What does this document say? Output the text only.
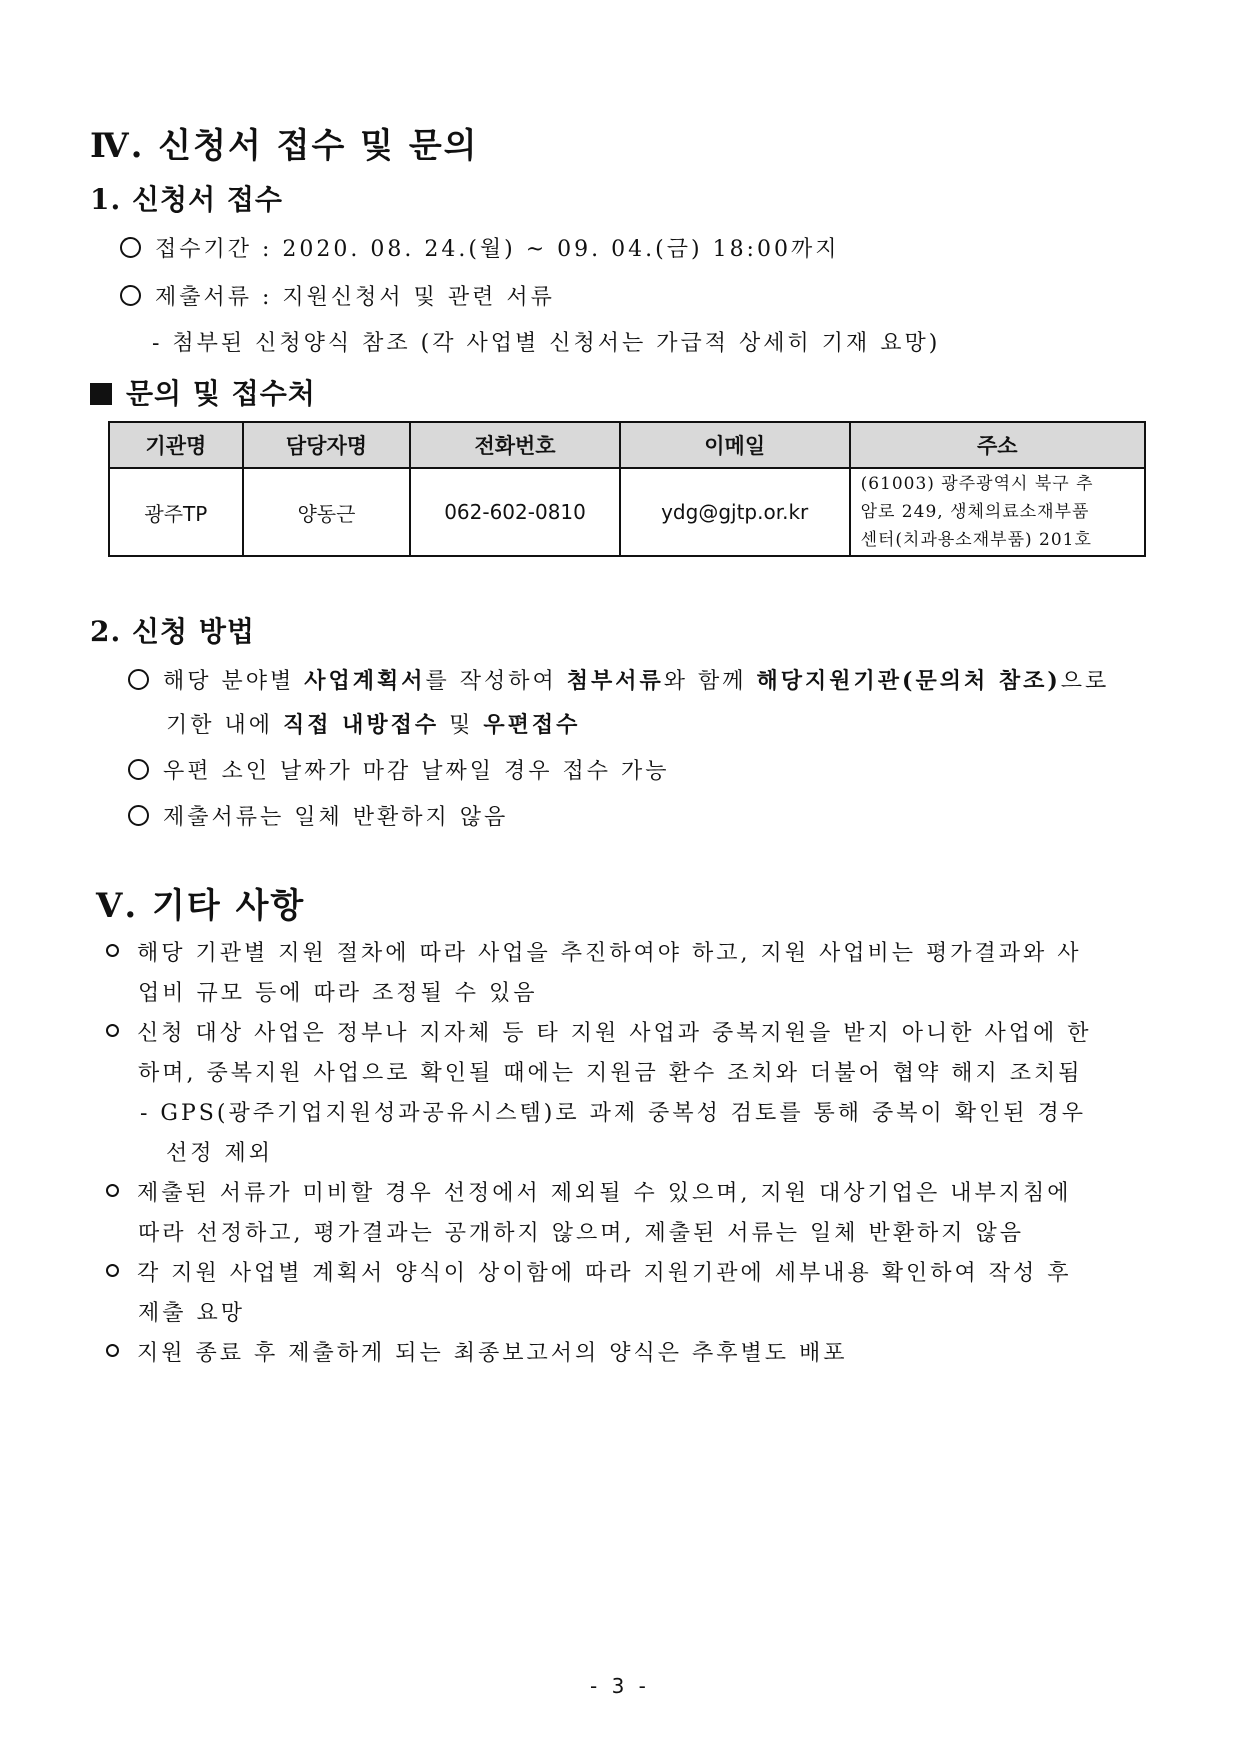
Ⅳ. 신청서 접수 및 문의
1. 신청서 접수
접수기간 : 2020. 08. 24.(월) ~ 09. 04.(금) 18:00까지
제출서류 : 지원신청서 및 관련 서류
- 첨부된 신청양식 참조 (각 사업별 신청서는 가급적 상세히 기재 요망)
문의 및 접수처
기관명	담당자명	전화번호	이메일	주소
광주TP	양동근	062-602-0810	ydg@gjtp.or.kr	(61003) 광주광역시 북구 추
암로 249, 생체의료소재부품
센터(치과용소재부품) 201호
2. 신청 방법
해당 분야별 사업계획서를 작성하여 첨부서류와 함께 해당지원기관(문의처 참조)으로
기한 내에 직접 내방접수 및 우편접수
우편 소인 날짜가 마감 날짜일 경우 접수 가능
제출서류는 일체 반환하지 않음
Ⅴ. 기타 사항
해당 기관별 지원 절차에 따라 사업을 추진하여야 하고, 지원 사업비는 평가결과와 사
업비 규모 등에 따라 조정될 수 있음
신청 대상 사업은 정부나 지자체 등 타 지원 사업과 중복지원을 받지 아니한 사업에 한
하며, 중복지원 사업으로 확인될 때에는 지원금 환수 조치와 더불어 협약 해지 조치됨
- GPS(광주기업지원성과공유시스템)로 과제 중복성 검토를 통해 중복이 확인된 경우
선정 제외
제출된 서류가 미비할 경우 선정에서 제외될 수 있으며, 지원 대상기업은 내부지침에
따라 선정하고, 평가결과는 공개하지 않으며, 제출된 서류는 일체 반환하지 않음
각 지원 사업별 계획서 양식이 상이함에 따라 지원기관에 세부내용 확인하여 작성 후
제출 요망
지원 종료 후 제출하게 되는 최종보고서의 양식은 추후별도 배포
- 3 -
